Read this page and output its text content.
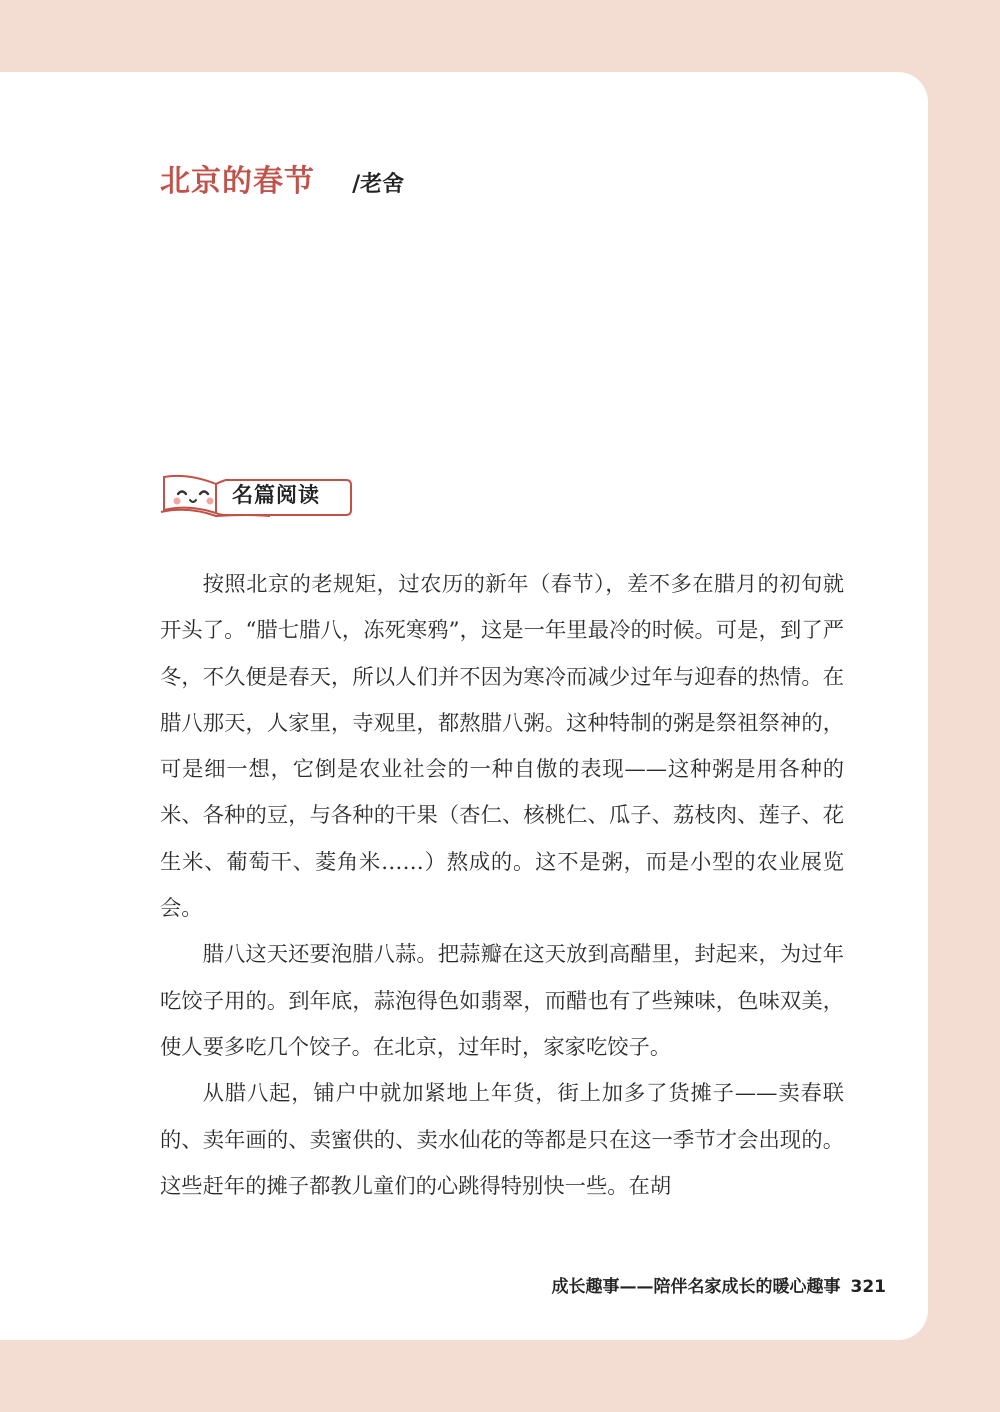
北京的春节 /老舍
名篇阅读

按照北京的老规矩，过农历的新年（春节），差不多在腊月的初旬就开头了。“腊七腊八，冻死寒鸦”，这是一年里最冷的时候。可是，到了严冬，不久便是春天，所以人们并不因为寒冷而减少过年与迎春的热情。在腊八那天，人家里，寺观里，都熬腊八粥。这种特制的粥是祭祖祭神的，可是细一想，它倒是农业社会的一种自傲的表现——这种粥是用各种的米、各种的豆，与各种的干果（杏仁、核桃仁、瓜子、荔枝肉、莲子、花生米、葡萄干、菱角米……）熬成的。这不是粥，而是小型的农业展览会。

腊八这天还要泡腊八蒜。把蒜瓣在这天放到高醋里，封起来，为过年吃饺子用的。到年底，蒜泡得色如翡翠，而醋也有了些辣味，色味双美，使人要多吃几个饺子。在北京，过年时，家家吃饺子。

从腊八起，铺户中就加紧地上年货，街上加多了货摊子——卖春联的、卖年画的、卖蜜供的、卖水仙花的等都是只在这一季节才会出现的。这些赶年的摊子都教儿童们的心跳得特别快一些。在胡

成长趣事——陪伴名家成长的暖心趣事 321
